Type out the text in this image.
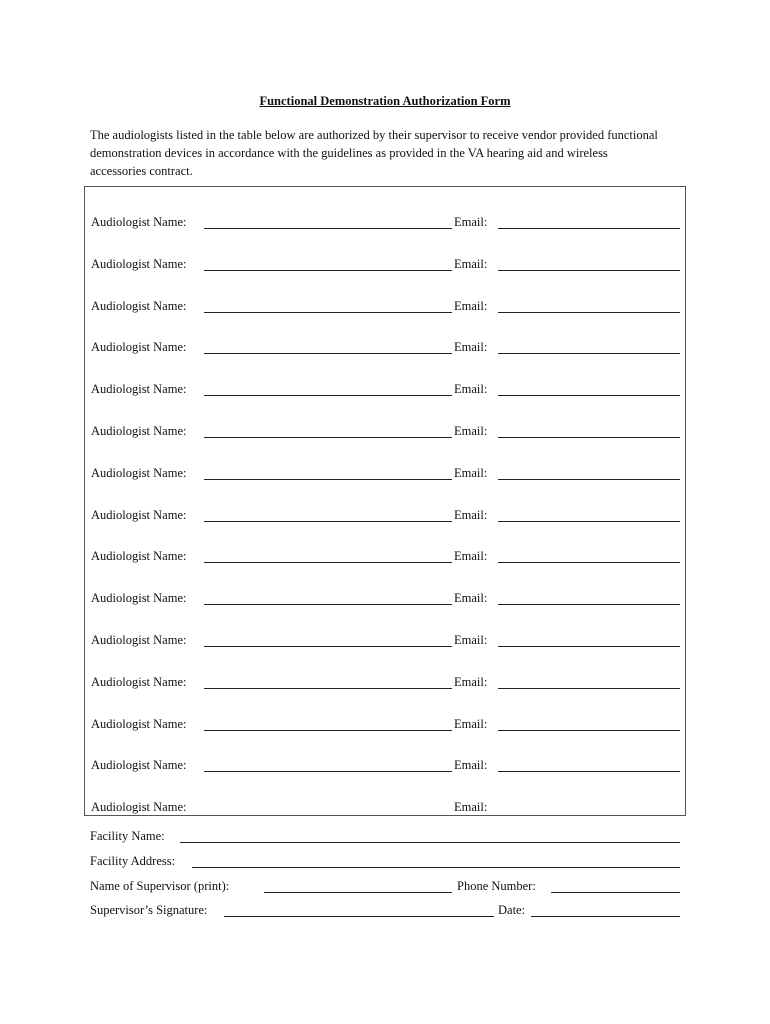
Functional Demonstration Authorization Form
The audiologists listed in the table below are authorized by their supervisor to receive vendor provided functional demonstration devices in accordance with the guidelines as provided in the VA hearing aid and wireless accessories contract.
Audiologist Name:	Email:
Audiologist Name:	Email:
Audiologist Name:	Email:
Audiologist Name:	Email:
Audiologist Name:	Email:
Audiologist Name:	Email:
Audiologist Name:	Email:
Audiologist Name:	Email:
Audiologist Name:	Email:
Audiologist Name:	Email:
Audiologist Name:	Email:
Audiologist Name:	Email:
Audiologist Name:	Email:
Audiologist Name:	Email:
Audiologist Name:	Email:
Facility Name:
Facility Address:
Name of Supervisor (print):	Phone Number:
Supervisor’s Signature:	Date:
